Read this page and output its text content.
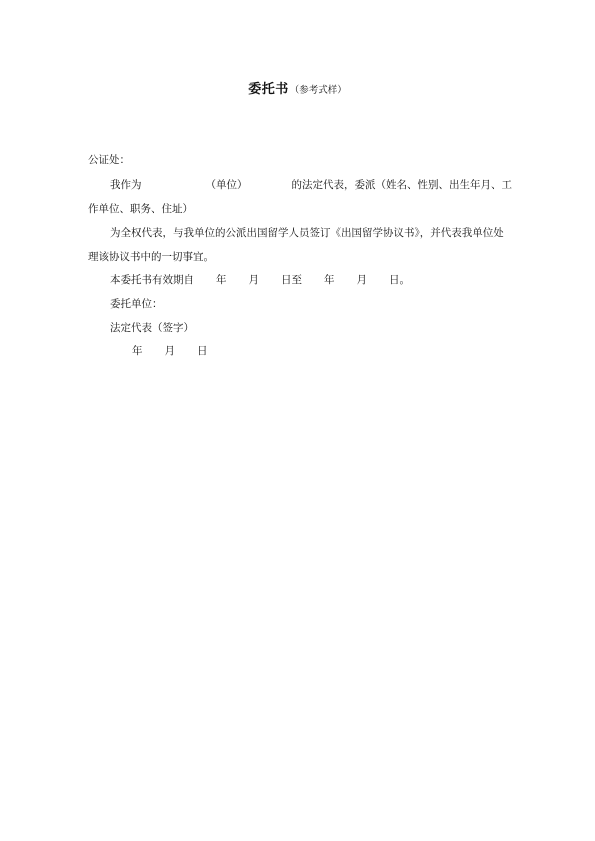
委托书（参考式样）
公证处：
我作为	（单位）	的法定代表，委派（姓名、性别、出生年月、工
作单位、职务、住址）
为全权代表，与我单位的公派出国留学人员签订《出国留学协议书》，并代表我单位处
理该协议书中的一切事宜。
本委托书有效期自 年 月 日至 年 月 日。
委托单位：
法定代表（签字）
年 月 日
